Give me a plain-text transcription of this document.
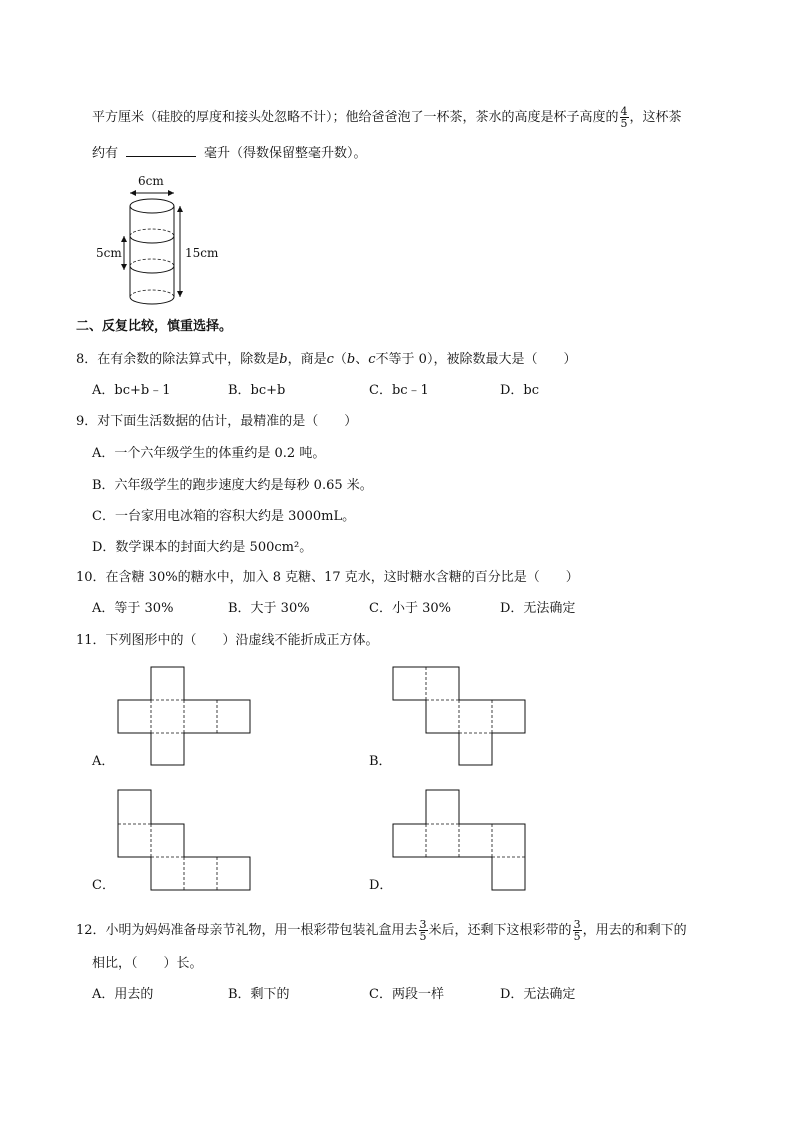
平方厘米（硅胶的厚度和接头处忽略不计）；他给爸爸泡了一杯茶，茶水的高度是杯子高度的 $\frac{4}{5}$ ，这杯茶
约有	毫升（得数保留整毫升数）。
6cm
5cm	15cm
二、反复比较，慎重选择。
8．在有余数的除法算式中，除数是b，商是c（b、c不等于 0），被除数最大是（　　）
A．bc+b﹣1	B．bc+b	C．bc﹣1	D．bc
9．对下面生活数据的估计，最精准的是（　　）
A．一个六年级学生的体重约是 0.2 吨。
B．六年级学生的跑步速度大约是每秒 0.65 米。
C．一台家用电冰箱的容积大约是 3000mL。
D．数学课本的封面大约是 500cm²。
10．在含糖 30%的糖水中，加入 8 克糖、17 克水，这时糖水含糖的百分比是（　　）
A．等于 30%	B．大于 30%	C．小于 30%	D．无法确定
11．下列图形中的（　　）沿虚线不能折成正方体。
A．	B．
C．	D．
12．小明为妈妈准备母亲节礼物，用一根彩带包装礼盒用去 $\frac{3}{5}$ 米后，还剩下这根彩带的 $\frac{3}{5}$ ，用去的和剩下的
相比，（　　）长。
A．用去的	B．剩下的	C．两段一样	D．无法确定
